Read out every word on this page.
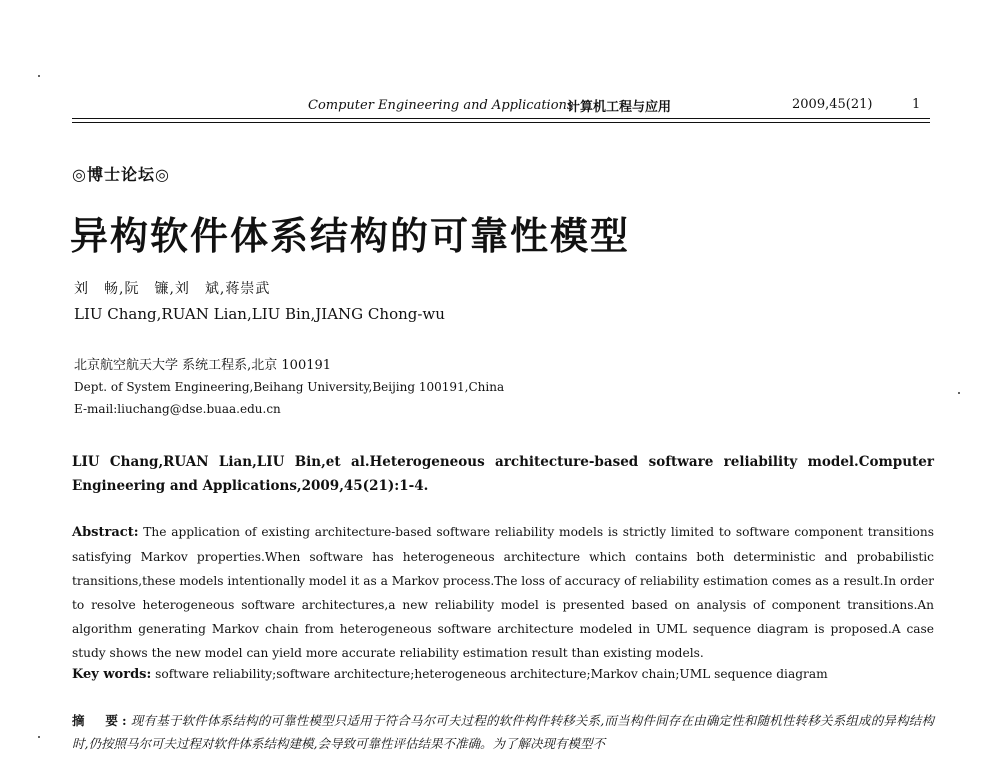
Computer Engineering and Applications
计算机工程与应用	2009,45(21)	1
◎博士论坛◎
异构软件体系结构的可靠性模型
刘　畅,阮　镰,刘　斌,蒋崇武
LIU Chang,RUAN Lian,LIU Bin,JIANG Chong-wu
北京航空航天大学 系统工程系,北京 100191
Dept. of System Engineering,Beihang University,Beijing 100191,China
E-mail:liuchang@dse.buaa.edu.cn
LIU Chang,RUAN Lian,LIU Bin,et al.Heterogeneous architecture-based software reliability model.Computer Engineering and Applications,2009,45(21):1-4.
Abstract: The application of existing architecture-based software reliability models is strictly limited to software component transitions satisfying Markov properties.When software has heterogeneous architecture which contains both deterministic and probabilistic transitions,these models intentionally model it as a Markov process.The loss of accuracy of reliability estimation comes as a result.In order to resolve heterogeneous software architectures,a new reliability model is presented based on analysis of component transitions.An algorithm generating Markov chain from heterogeneous software architecture modeled in UML sequence diagram is proposed.A case study shows the new model can yield more accurate reliability estimation result than existing models.
Key words: software reliability;software architecture;heterogeneous architecture;Markov chain;UML sequence diagram
摘　要:现有基于软件体系结构的可靠性模型只适用于符合马尔可夫过程的软件构件转移关系,而当构件间存在由确定性和随机性转移关系组成的异构结构时,仍按照马尔可夫过程对软件体系结构建模,会导致可靠性评估结果不准确。为了解决现有模型不
